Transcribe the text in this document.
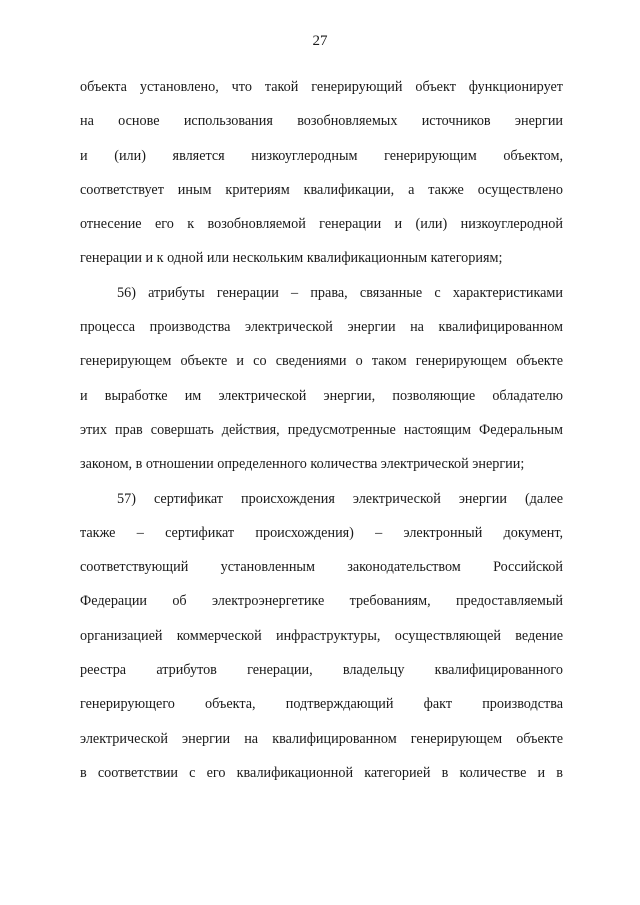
27
объекта установлено, что такой генерирующий объект функционирует
на основе использования возобновляемых источников энергии
и (или) является низкоуглеродным генерирующим объектом,
соответствует иным критериям квалификации, а также осуществлено
отнесение его к возобновляемой генерации и (или) низкоуглеродной
генерации и к одной или нескольким квалификационным категориям;
56) атрибуты генерации – права, связанные с характеристиками
процесса производства электрической энергии на квалифицированном
генерирующем объекте и со сведениями о таком генерирующем объекте
и выработке им электрической энергии, позволяющие обладателю
этих прав совершать действия, предусмотренные настоящим Федеральным
законом, в отношении определенного количества электрической энергии;
57) сертификат происхождения электрической энергии (далее
также – сертификат происхождения) – электронный документ,
соответствующий установленным законодательством Российской
Федерации об электроэнергетике требованиям, предоставляемый
организацией коммерческой инфраструктуры, осуществляющей ведение
реестра атрибутов генерации, владельцу квалифицированного
генерирующего объекта, подтверждающий факт производства
электрической энергии на квалифицированном генерирующем объекте
в соответствии с его квалификационной категорией в количестве и в
